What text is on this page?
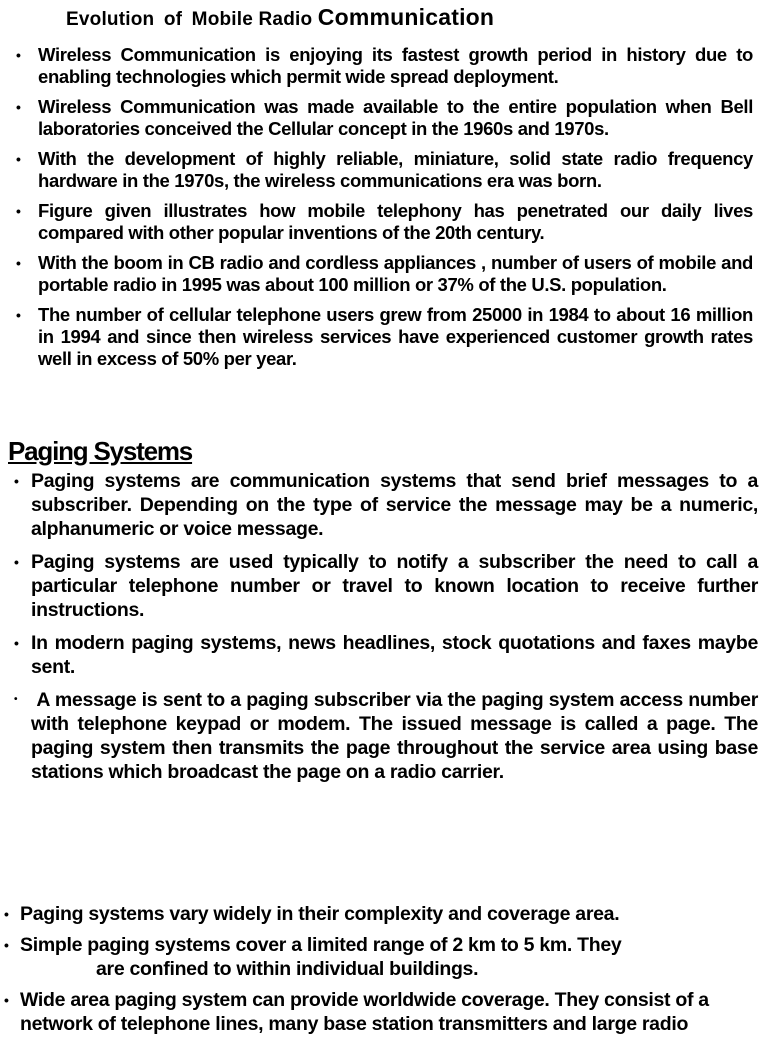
Evolution of Mobile Radio Communication
• Wireless Communication is enjoying its fastest growth period in history due to enabling technologies which permit wide spread deployment.
• Wireless Communication was made available to the entire population when Bell laboratories conceived the Cellular concept in the 1960s and 1970s.
• With the development of highly reliable, miniature, solid state radio frequency hardware in the 1970s, the wireless communications era was born.
• Figure given illustrates how mobile telephony has penetrated our daily lives compared with other popular inventions of the 20th century.
• With the boom in CB radio and cordless appliances , number of users of mobile and portable radio in 1995 was about 100 million or 37% of the U.S. population.
• The number of cellular telephone users grew from 25000 in 1984 to about 16 million in 1994 and since then wireless services have experienced customer growth rates well in excess of 50% per year.
Paging Systems
• Paging systems are communication systems that send brief messages to a subscriber. Depending on the type of service the message may be a numeric, alphanumeric or voice message.
• Paging systems are used typically to notify a subscriber the need to call a particular telephone number or travel to known location to receive further instructions.
• In modern paging systems, news headlines, stock quotations and faxes maybe sent.
• A message is sent to a paging subscriber via the paging system access number with telephone keypad or modem. The issued message is called a page. The paging system then transmits the page throughout the service area using base stations which broadcast the page on a radio carrier.
• Paging systems vary widely in their complexity and coverage area.
• Simple paging systems cover a limited range of 2 km to 5 km. They
are confined to within individual buildings.
• Wide area paging system can provide worldwide coverage. They consist of a network of telephone lines, many base station transmitters and large radio
